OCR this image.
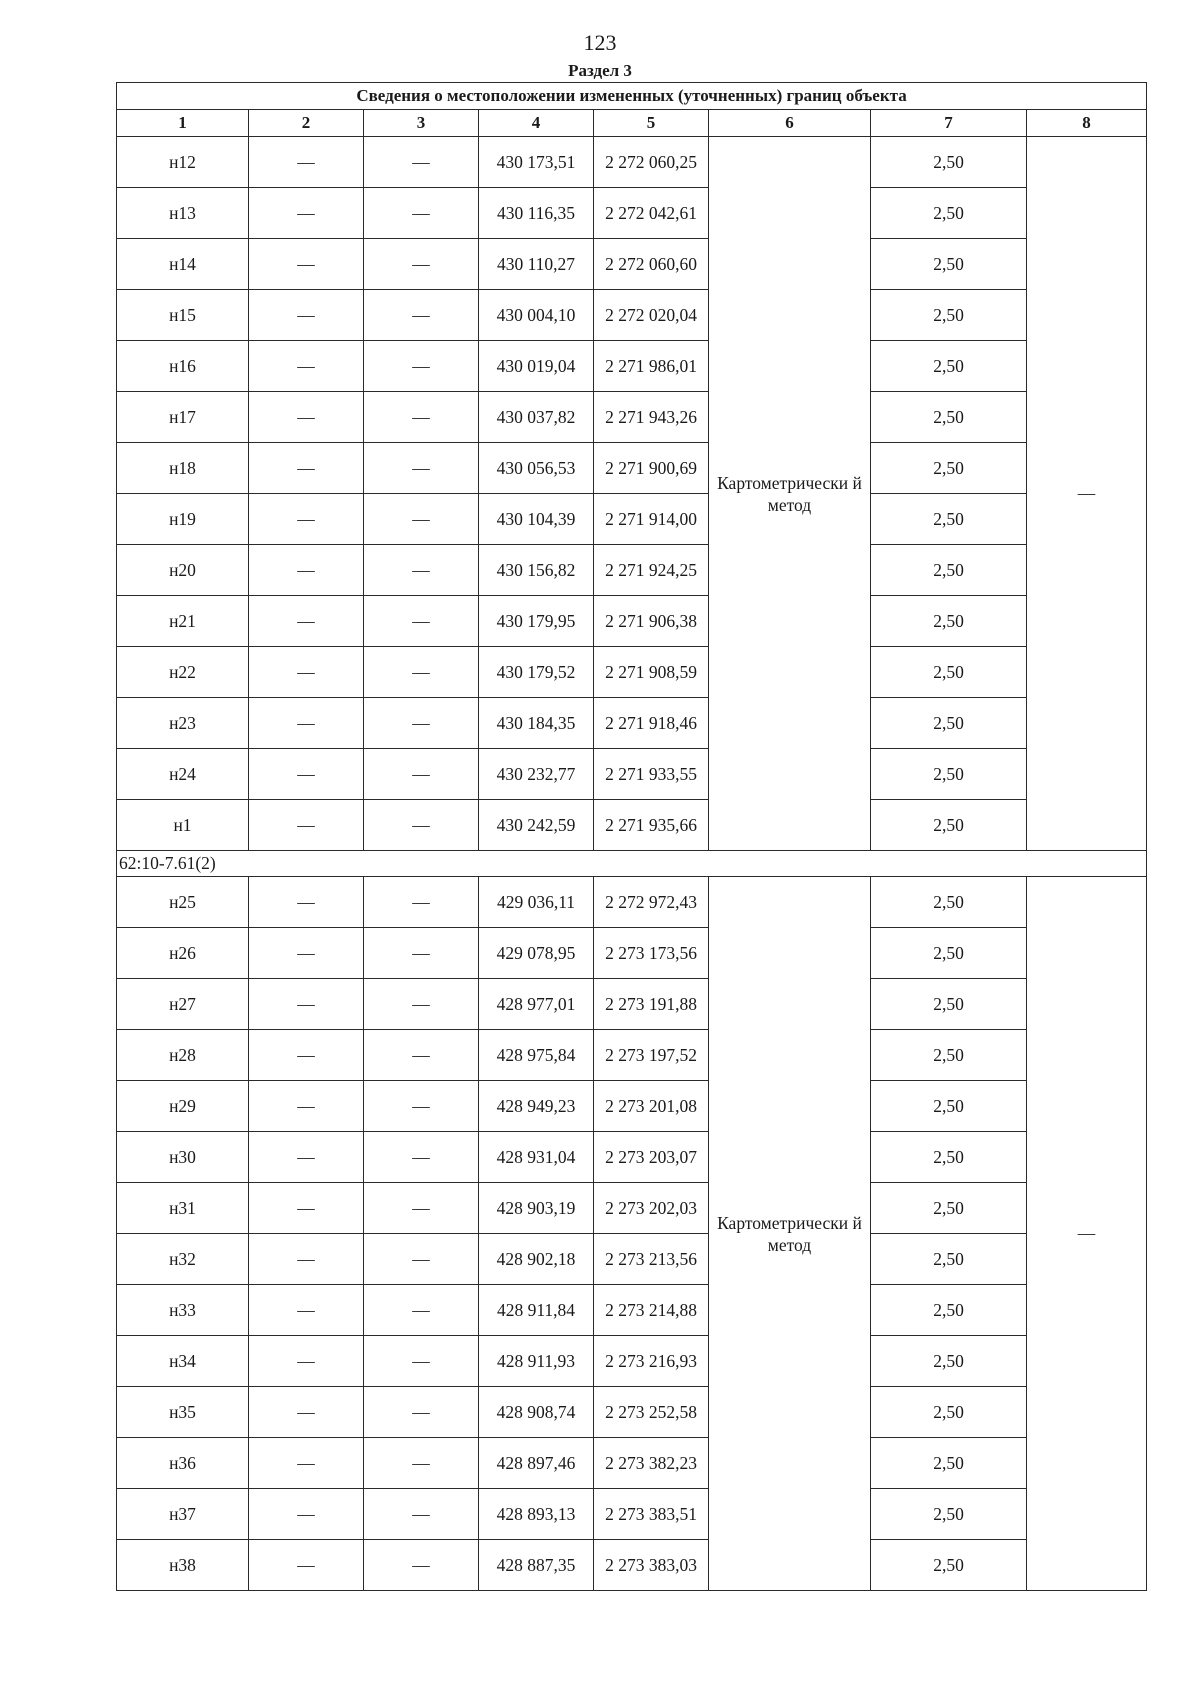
123
Раздел 3
Сведения о местоположении измененных (уточненных) границ объекта							
1	2	3	4	5	6	7	8
н12	—	—	430 173,51	2 272 060,25	Картометрически й метод	2,50	—
н13	—	—	430 116,35	2 272 042,61		2,50	
н14	—	—	430 110,27	2 272 060,60		2,50	
н15	—	—	430 004,10	2 272 020,04		2,50	
н16	—	—	430 019,04	2 271 986,01		2,50	
н17	—	—	430 037,82	2 271 943,26		2,50	
н18	—	—	430 056,53	2 271 900,69		2,50	
н19	—	—	430 104,39	2 271 914,00		2,50	
н20	—	—	430 156,82	2 271 924,25		2,50	
н21	—	—	430 179,95	2 271 906,38		2,50	
н22	—	—	430 179,52	2 271 908,59		2,50	
н23	—	—	430 184,35	2 271 918,46		2,50	
н24	—	—	430 232,77	2 271 933,55		2,50	
н1	—	—	430 242,59	2 271 935,66		2,50	
62:10-7.61(2)							
н25	—	—	429 036,11	2 272 972,43	Картометрически й метод	2,50	—
н26	—	—	429 078,95	2 273 173,56		2,50	
н27	—	—	428 977,01	2 273 191,88		2,50	
н28	—	—	428 975,84	2 273 197,52		2,50	
н29	—	—	428 949,23	2 273 201,08		2,50	
н30	—	—	428 931,04	2 273 203,07		2,50	
н31	—	—	428 903,19	2 273 202,03		2,50	
н32	—	—	428 902,18	2 273 213,56		2,50	
н33	—	—	428 911,84	2 273 214,88		2,50	
н34	—	—	428 911,93	2 273 216,93		2,50	
н35	—	—	428 908,74	2 273 252,58		2,50	
н36	—	—	428 897,46	2 273 382,23		2,50	
н37	—	—	428 893,13	2 273 383,51		2,50	
н38	—	—	428 887,35	2 273 383,03		2,50	
